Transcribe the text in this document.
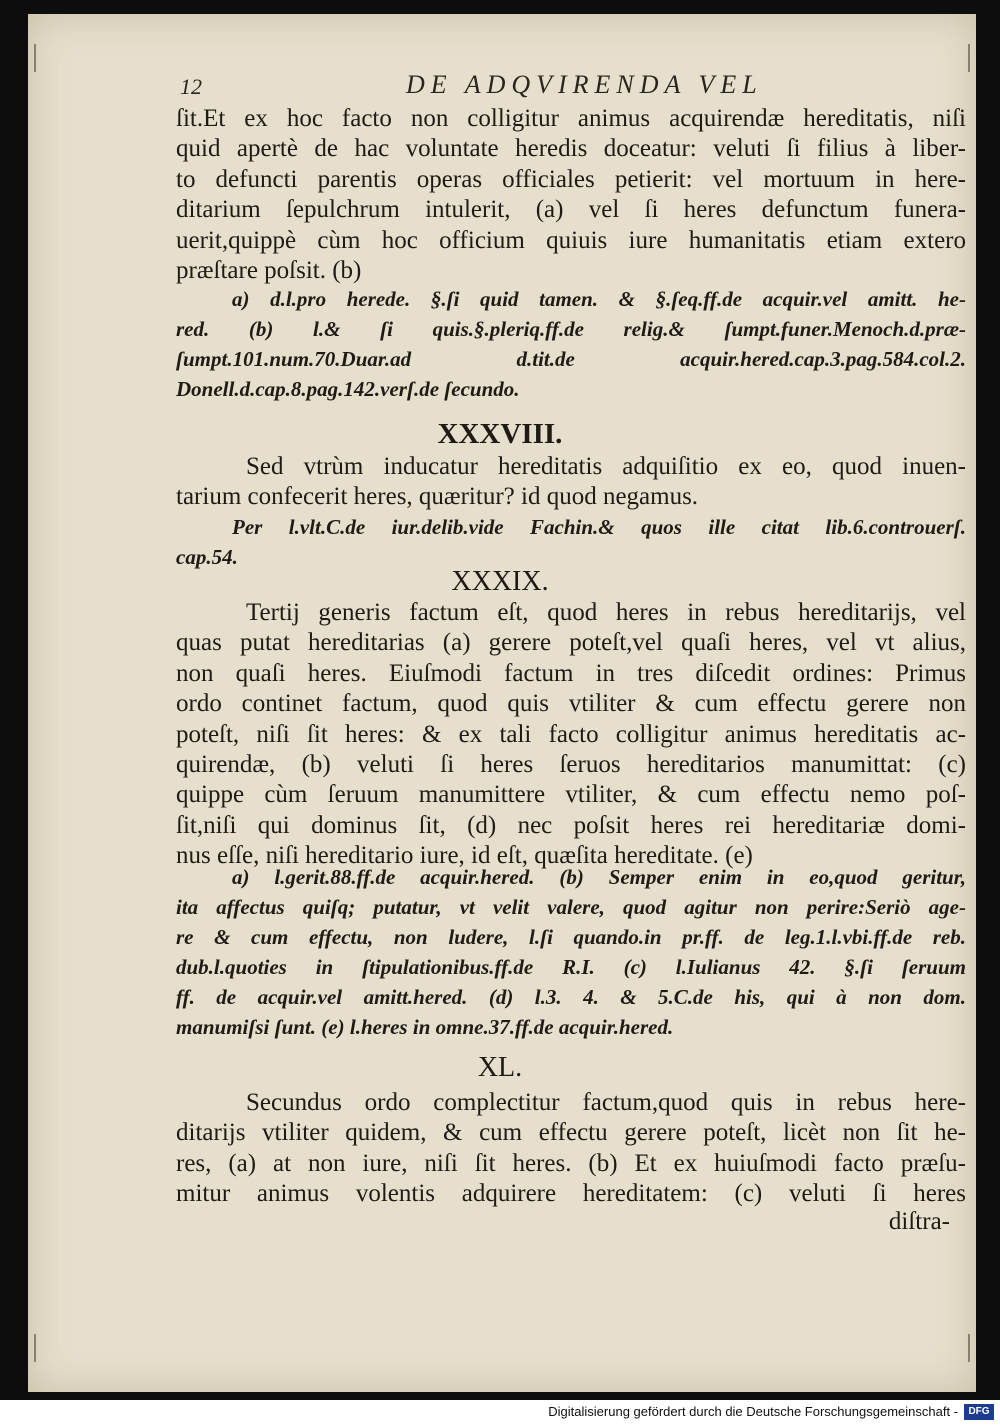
12	DE ADQVIRENDA VEL
ſit.Et ex hoc facto non colligitur animus acquirendæ hereditatis, niſi
quid apertè de hac voluntate heredis doceatur: veluti ſi filius à liber-
to defuncti parentis operas officiales petierit: vel mortuum in here-
ditarium ſepulchrum intulerit, (a) vel ſi heres defunctum funera-
uerit,quippè cùm hoc officium quiuis iure humanitatis etiam extero
præſtare poſsit. (b)
a) d.l.pro herede. §.ſi quid tamen. & §.ſeq.ff.de acquir.vel amitt. he-
red. (b) l.& ſi quis.§.pleriq.ff.de relig.& ſumpt.funer.Menoch.d.præ-
ſumpt.101.num.70.Duar.ad d.tit.de acquir.hered.cap.3.pag.584.col.2.
Donell.d.cap.8.pag.142.verſ.de ſecundo.
XXXVIII.
Sed vtrùm inducatur hereditatis adquiſitio ex eo, quod inuen-
tarium confecerit heres, quæritur? id quod negamus.
Per l.vlt.C.de iur.delib.vide Fachin.& quos ille citat lib.6.controuerſ.
cap.54.
XXXIX.
Tertij generis factum eſt, quod heres in rebus hereditarijs, vel
quas putat hereditarias (a) gerere poteſt,vel quaſi heres, vel vt alius,
non quaſi heres. Eiuſmodi factum in tres diſcedit ordines: Primus
ordo continet factum, quod quis vtiliter & cum effectu gerere non
poteſt, niſi ſit heres: & ex tali facto colligitur animus hereditatis ac-
quirendæ, (b) veluti ſi heres ſeruos hereditarios manumittat: (c)
quippe cùm ſeruum manumittere vtiliter, & cum effectu nemo poſ-
ſit,niſi qui dominus ſit, (d) nec poſsit heres rei hereditariæ domi-
nus eſſe, niſi hereditario iure, id eſt, quæſita hereditate. (e)
a) l.gerit.88.ff.de acquir.hered. (b) Semper enim in eo,quod geritur,
ita affectus quiſq; putatur, vt velit valere, quod agitur non perire:Seriò age-
re & cum effectu, non ludere, l.ſi quando.in pr.ff. de leg.1.l.vbi.ff.de reb.
dub.l.quoties in ſtipulationibus.ff.de R.I. (c) l.Iulianus 42. §.ſi ſeruum
ff. de acquir.vel amitt.hered. (d) l.3. 4. & 5.C.de his, qui à non dom.
manumiſsi ſunt. (e) l.heres in omne.37.ff.de acquir.hered.
XL.
Secundus ordo complectitur factum,quod quis in rebus here-
ditarijs vtiliter quidem, & cum effectu gerere poteſt, licèt non ſit he-
res, (a) at non iure, niſi ſit heres. (b) Et ex huiuſmodi facto præſu-
mitur animus volentis adquirere hereditatem: (c) veluti ſi heres
diſtra-
Digitalisierung gefördert durch die Deutsche Forschungsgemeinschaft -	DFG
